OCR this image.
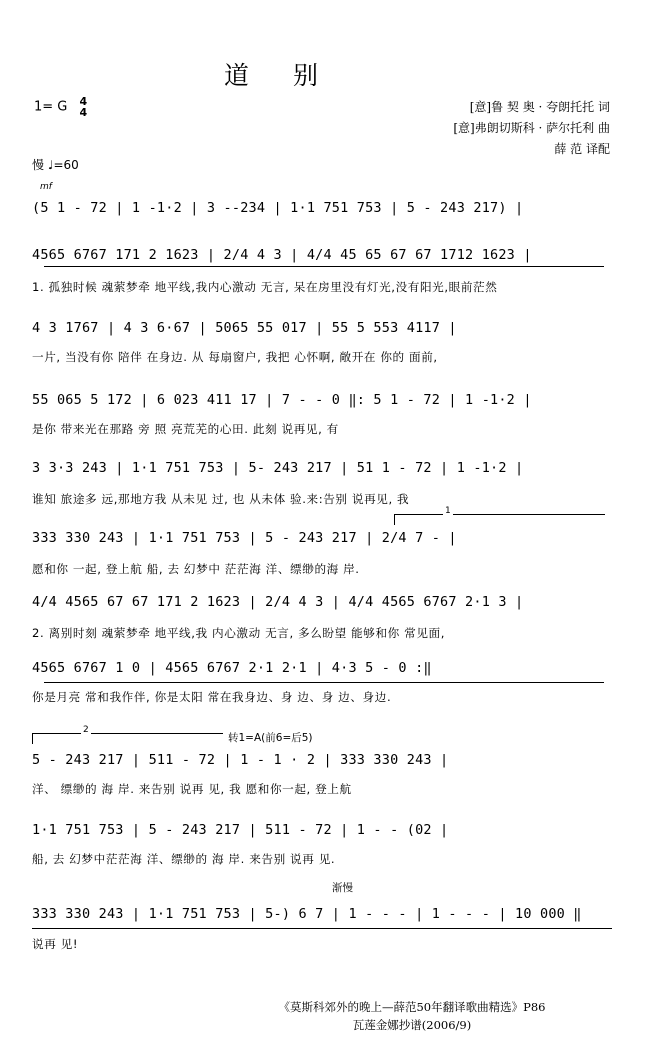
道 别
1= G 4
4	[意]鲁 契 奥 · 夸朗托托 词
[意]弗朗切斯科 · 萨尔托利 曲
薛 范 译配
慢 ♩=60
mf
(5 1 - 72 | 1 -1·2 | 3 --234 | 1·1 751 753 | 5 - 243 217) |
4565 6767 171 2 1623 | 2/4 4 3 | 4/4 45 65 67 67 1712 1623 |
1. 孤独时候 魂萦梦牵 地平线,我内心激动 无言, 呆在房里没有灯光,没有阳光,眼前茫然
4 3 1767 | 4 3 6·67 | 5065 55 017 | 55 5 553 4117 |
一片, 当没有你 陪伴 在身边. 从 每扇窗户, 我把 心怀啊, 敞开在 你的 面前,
55 065 5 172 | 6 023 411 17 | 7 - - 0 ‖: 5 1 - 72 | 1 -1·2 |
是你 带来光在那路 旁 照 亮荒芜的心田. 此刻 说再见, 有
3 3·3 243 | 1·1 751 753 | 5- 243 217 | 51 1 - 72 | 1 -1·2 |
谁知 旅途多 远,那地方我 从未见 过, 也 从未体 验.来:告别 说再见, 我
1
333 330 243 | 1·1 751 753 | 5 - 243 217 | 2/4 7 - |
愿和你 一起, 登上航 船, 去 幻梦中 茫茫海 洋、缥缈的海 岸.
4/4 4565 67 67 171 2 1623 | 2/4 4 3 | 4/4 4565 6767 2·1 3 |
2. 离别时刻 魂萦梦牵 地平线,我 内心激动 无言, 多么盼望 能够和你 常见面,
4565 6767 1 0 | 4565 6767 2·1 2·1 | 4·3 5 - 0 :‖
你是月亮 常和我作伴, 你是太阳 常在我身边、身 边、身 边、身边.
2
转1=A(前6=后5)
5 - 243 217 | 511 - 72 | 1 - 1 · 2 | 333 330 243 |
洋、 缥缈的 海 岸. 来告别 说再 见, 我 愿和你一起, 登上航
1·1 751 753 | 5 - 243 217 | 511 - 72 | 1 - - (02 |
船, 去 幻梦中茫茫海 洋、缥缈的 海 岸. 来告别 说再 见.
渐慢
333 330 243 | 1·1 751 753 | 5-) 6 7 | 1 - - - | 1 - - - | 10 000 ‖
说再 见!
《莫斯科郊外的晚上—薛范50年翻译歌曲精选》P86
瓦莲金娜抄谱(2006/9)
